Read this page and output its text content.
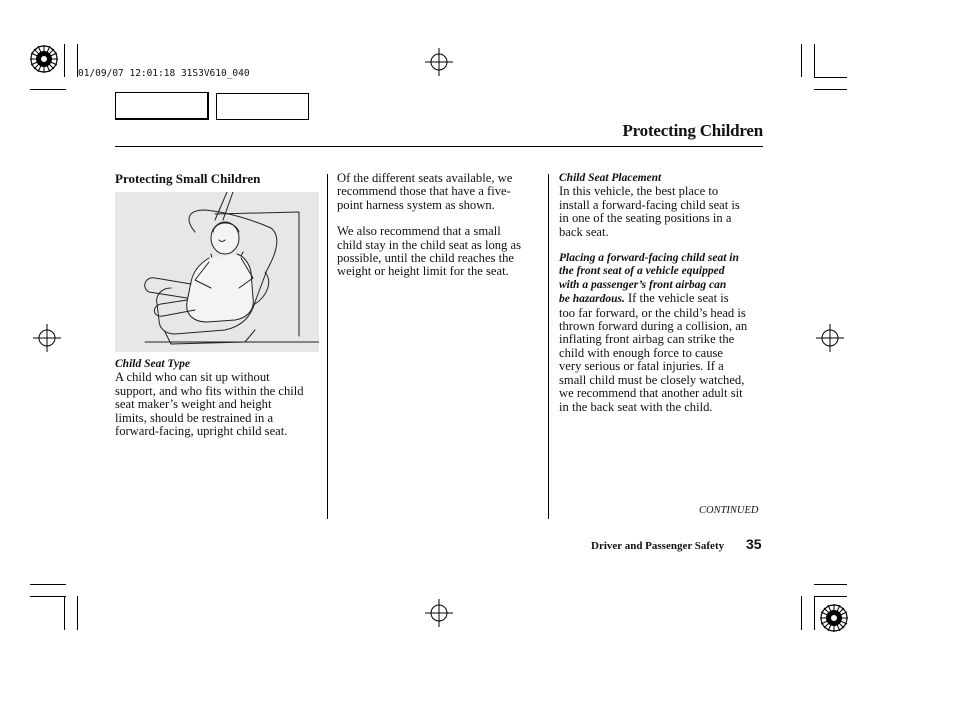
01/09/07 12:01:18 31S3V610_040
Protecting Children

Protecting Small Children

Child Seat Type

A child who can sit up without

support, and who fits within the child

seat maker’s weight and height

limits, should be restrained in a

forward-facing, upright child seat.

Of the different seats available, we

recommend those that have a five-

point harness system as shown.

We also recommend that a small

child stay in the child seat as long as

possible, until the child reaches the

weight or height limit for the seat.

Child Seat Placement

In this vehicle, the best place to

install a forward-facing child seat is

in one of the seating positions in a

back seat.

Placing a forward-facing child seat in

the front seat of a vehicle equipped

with a passenger’s front airbag can

be hazardous. If the vehicle seat is

too far forward, or the child’s head is

thrown forward during a collision, an

inflating front airbag can strike the

child with enough force to cause

very serious or fatal injuries. If a

small child must be closely watched,

we recommend that another adult sit

in the back seat with the child.

CONTINUED
Driver and Passenger Safety 35
